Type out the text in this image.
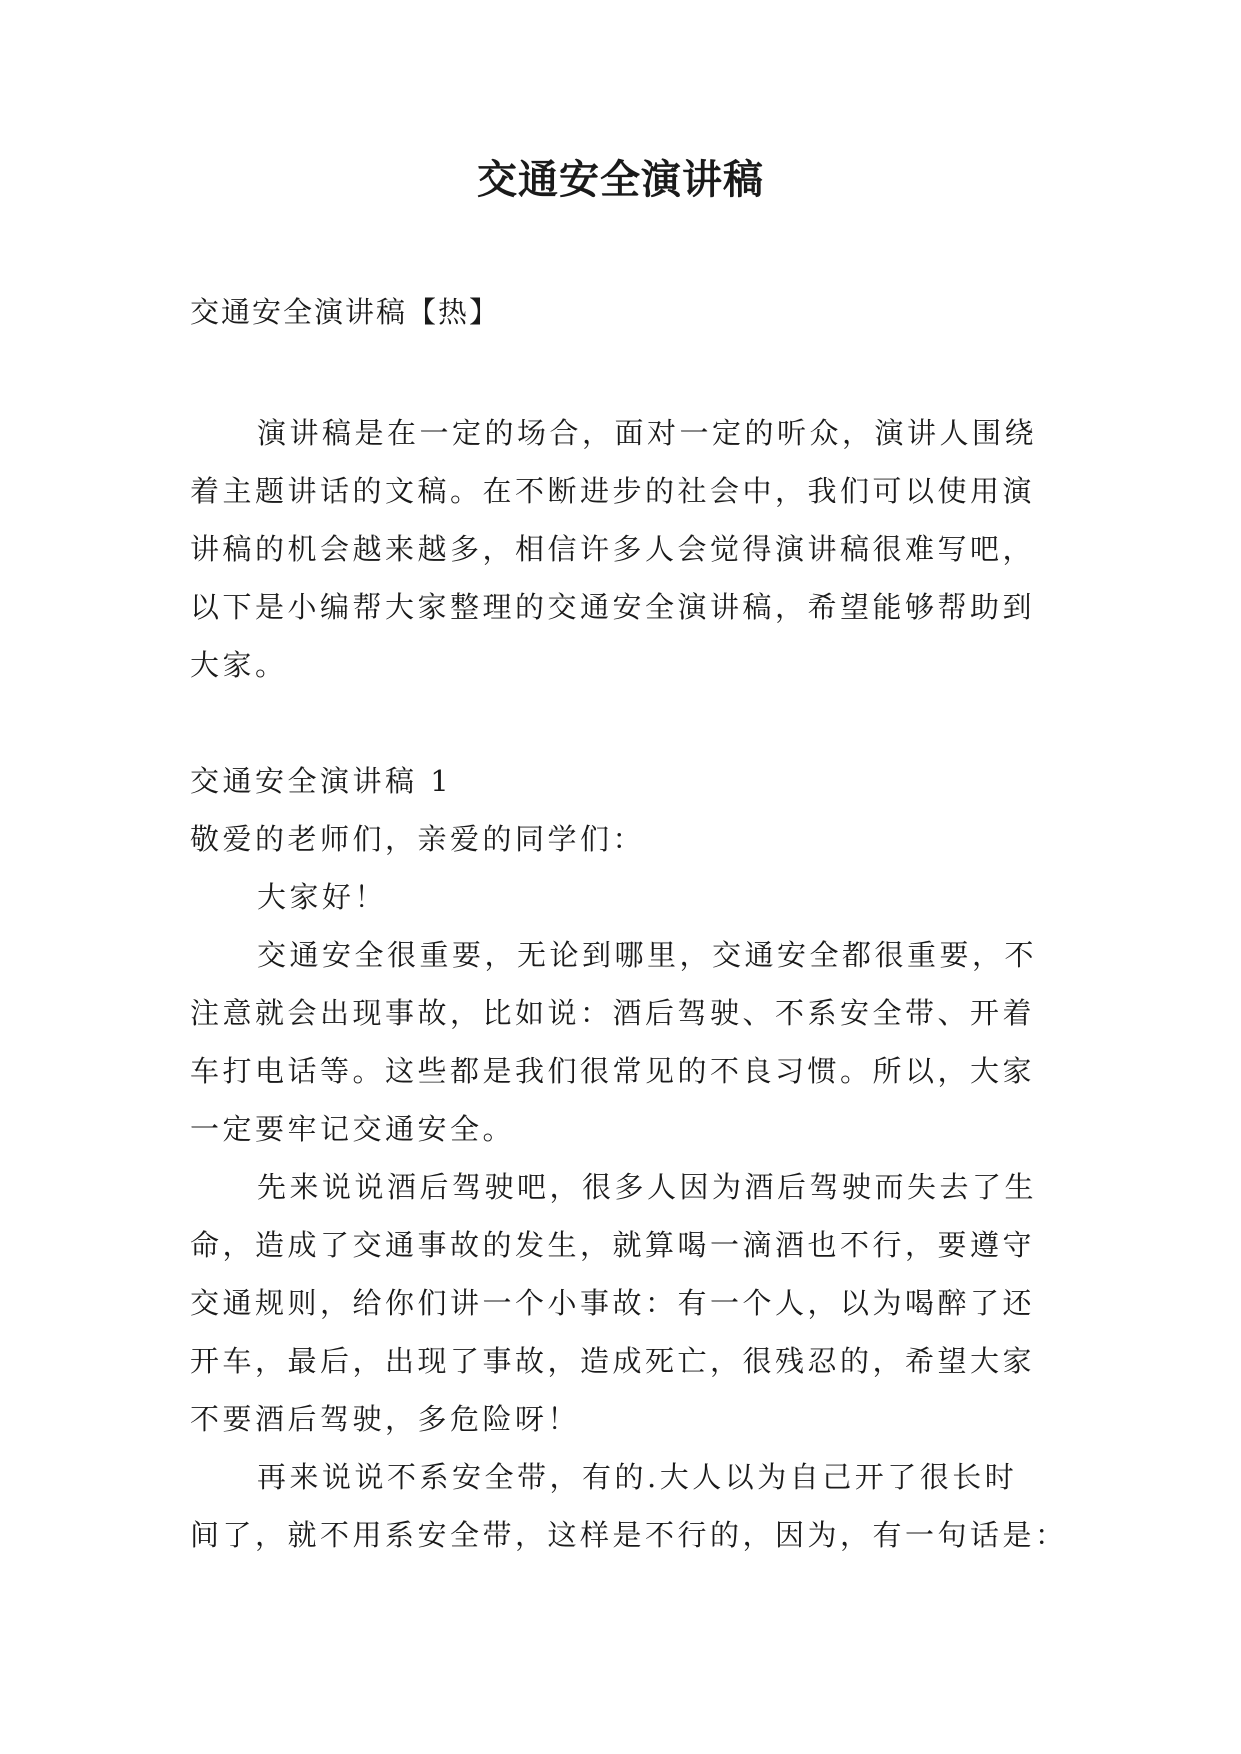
交通安全演讲稿

交通安全演讲稿【热】

演讲稿是在一定的场合，面对一定的听众，演讲人围绕
着主题讲话的文稿。在不断进步的社会中，我们可以使用演
讲稿的机会越来越多，相信许多人会觉得演讲稿很难写吧，
以下是小编帮大家整理的交通安全演讲稿，希望能够帮助到
大家。
交通安全演讲稿 1
敬爱的老师们，亲爱的同学们：
大家好！
交通安全很重要，无论到哪里，交通安全都很重要，不
注意就会出现事故，比如说：酒后驾驶、不系安全带、开着
车打电话等。这些都是我们很常见的不良习惯。所以，大家
一定要牢记交通安全。
先来说说酒后驾驶吧，很多人因为酒后驾驶而失去了生
命，造成了交通事故的发生，就算喝一滴酒也不行，要遵守
交通规则，给你们讲一个小事故：有一个人，以为喝醉了还
开车，最后，出现了事故，造成死亡，很残忍的，希望大家
不要酒后驾驶，多危险呀！
再来说说不系安全带，有的.大人以为自己开了很长时
间了，就不用系安全带，这样是不行的，因为，有一句话是：
